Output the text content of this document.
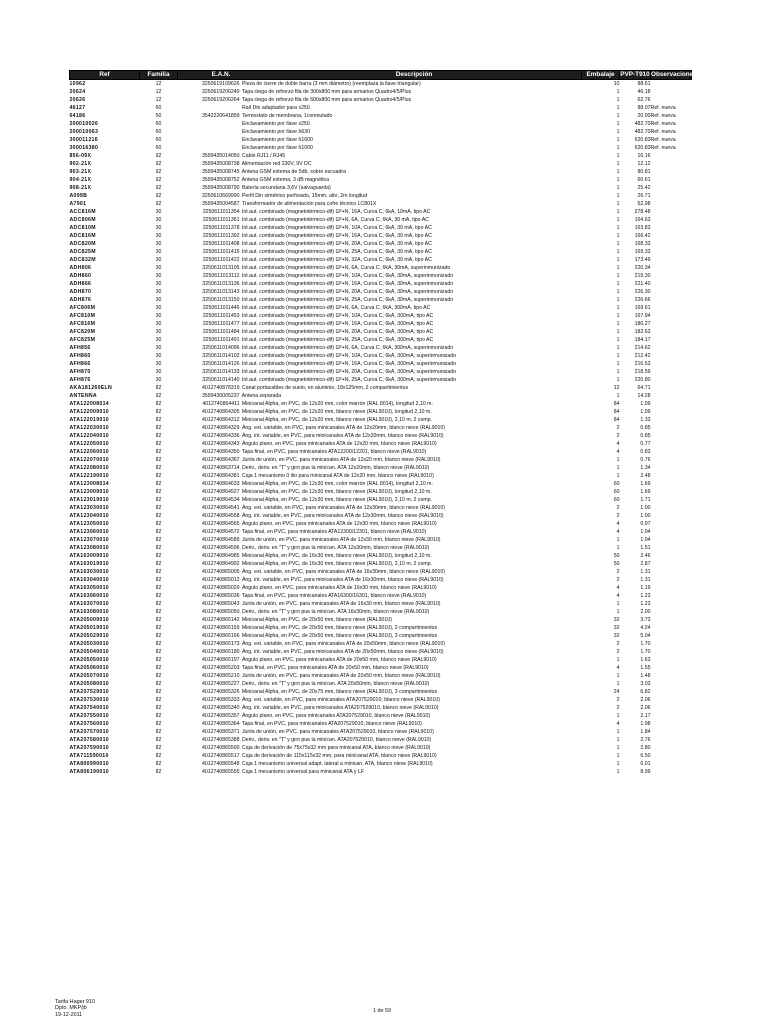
Ref	Familia	E.A.N. Descripción	Embalaje	PVP-T910	Observaciones
10962	12	3250619109626 Pieza de cierre de doble barra (3 mm diámetro) (reemplaza la llave triangular)	10	88.61	
20624	12	3250619206240 Tapa ciega de refrorzo fila de 300x800 mm para armarios Quadro4/5/Plus	1	46.18	
20626	12	3250619206264 Tapa ciega de refrorzo fila de 600x800 mm para armarios Quadro4/5/Plus	1	62.76	
46127	60	Raíl Din adaptador para x250	1	88.07	Ref. nueva
64186	50	3542220641859 Termostato de membrana, 1conmutado	1	20.00	Ref. nueva
200010026	60	Enclavamiento por llave x250	1	482.70	Ref. nueva
200010063	60	Enclavamiento por llave h630	1	482.70	Ref. nueva
300011216	60	Enclavamiento por llave h1600	1	620.83	Ref. nueva
300016380	60	Enclavamiento por llave h1000	1	620.83	Ref. nueva
856-09X	92	3599435014050 Cable RJ11 / RJ45	1	16.16	
902-21X	92	3599435008738 Alimentación red 230V, 9V DC	1	12.12	
903-21X	92	3599435008745 Antena GSM externa de 5db, sobre escuadra	1	80.81	
904-21X	92	3599435008752 Antena GSM externa, 3 dB magnética	1	60.61	
908-21X	92	3599435008790 Batería secundaria 3,6V (salvaguarda)	1	25.42	
A099B	92	3250610669990 Perfil Din simétrico perforado, 15mm. alto, 2m longitud	1	26.71	
A7901	92	3599435004587 Transformador de alimentación para cofre técnico LC801X	1	52.98	
ACC816M	30	3250611011354 Int.aut. combinado (magnetotérmico-dif) 1P+N, 16A, Curva C, 6kA, 10mA, tipo AC	1	278.48	
ADC806M	30	3250611011361 Int.aut. combinado (magnetotérmico-dif) 1P+N, 6A, Curva C, 6kA, 30 mA, tipo AC	1	164.63	
ADC810M	30	3250611011378 Int.aut. combinado (magnetotérmico-dif) 1P+N, 10A, Curva C, 6kA, 30 mA, tipo AC	1	163.83	
ADC816M	30	3250611011392 Int.aut. combinado (magnetotérmico-dif) 1P+N, 16A, Curva C, 6kA, 30 mA, tipo AC	1	166.42	
ADC820M	30	3250611011408 Int.aut. combinado (magnetotérmico-dif) 1P+N, 20A, Curva C, 6kA, 30 mA, tipo AC	1	168.33	
ADC825M	30	3250611011415 Int.aut. combinado (magnetotérmico-dif) 1P+N, 25A, Curva C, 6kA, 30 mA, tipo AC	1	169.33	
ADC832M	30	3250611011422 Int.aut. combinado (magnetotérmico-dif) 1P+N, 32A, Curva C, 6kA, 30 mA, tipo AC	1	173.49	
ADH806	30	3250611013105 Int.aut. combinado (magnetotérmico-dif) 1P+N, 6A, Curva C, 6kA, 30mA, superinmunizado	1	220.34	
ADH860	30	3250611013112 Int.aut. combinado (magnetotérmico-dif) 1P+N, 10A, Curva C, 6kA, 30mA, superinmunizado	1	219.30	
ADH866	30	3250611013136 Int.aut. combinado (magnetotérmico-dif) 1P+N, 16A, Curva C, 6kA, 30mA, superinmunizado	1	221.40	
ADH870	30	3250611013143 Int.aut. combinado (magnetotérmico-dif) 1P+N, 20A, Curva C, 6kA, 30mA, superinmunizado	1	226.30	
ADH876	30	3250611013150 Int.aut. combinado (magnetotérmico-dif) 1P+N, 25A, Curva C, 6kA, 30mA, superinmunizado	1	226.66	
AFC806M	30	3250611011446 Int.aut. combinado (magnetotérmico-dif) 1P+N, 6A, Curva C, 6kA, 300mA, tipo AC	1	169.61	
AFC810M	30	3250611011453 Int.aut. combinado (magnetotérmico-dif) 1P+N, 10A, Curva C, 6kA, 300mA, tipo AC	1	167.94	
AFC816M	30	3250611011477 Int.aut. combinado (magnetotérmico-dif) 1P+N, 16A, Curva C, 6kA, 300mA, tipo AC	1	180.27	
AFC820M	30	3250611011484 Int.aut. combinado (magnetotérmico-dif) 1P+N, 20A, Curva C, 6kA, 300mA, tipo AC	1	182.63	
AFC825M	30	3250611011491 Int.aut. combinado (magnetotérmico-dif) 1P+N, 25A, Curva C, 6kA, 300mA, tipo AC	1	184.17	
AFH856	30	3250611014096 Int.aut. combinado (magnetotérmico-dif) 1P+N, 6A, Curva C, 6kA, 300mA, superinmunizado	1	214.62	
AFH860	30	3250611014102 Int.aut. combinado (magnetotérmico-dif) 1P+N, 10A, Curva C, 6kA, 300mA, superinmunizado	1	212.42	
AFH866	30	3250611014126 Int.aut. combinado (magnetotérmico-dif) 1P+N, 16A, Curva C, 6kA, 300mA, superinmunizado	1	216.53	
AFH870	30	3250611014133 Int.aut. combinado (magnetotérmico-dif) 1P+N, 20A, Curva C, 6kA, 300mA, superinmunizado	1	218.59	
AFH876	30	3250611014140 Int.aut. combinado (magnetotérmico-dif) 1P+N, 25A, Curva C, 6kA, 300mA, superinmunizado	1	220.80	
AKA181260ELN	82	4012740878319 Canal portacables de suelo, en aluminio, 18x125mm, 2 compartimientos	12	64.71	
ANTENNA	92	3599430005237 Antena separada	1	14.28	
ATA122008014	82	4012740864411 Minicanal Alpha, en PVC, de 12x20 mm, color marrón (RAL 8014), longitud 2,10 m.	84	1.09	
ATA122009010	82	4012740864305 Minicanal Alpha, en PVC, de 12x20 mm, blanco nieve (RAL9010), longitud 2,10 m.	84	1.09	
ATA122019010	82	4012740864312 Minicanal Alpha, en PVC, de 12x20 mm, blanco nieve (RAL9010), 2,10 m, 2 comp.	84	1.33	
ATA122030010	82	4012740864329 Áng. ext. variable, en PVC, para minicanales ATA de 12x20mm, blanco nieve (RAL9010)	2	0.85	
ATA122040010	82	4012740864336 Áng. int. variable, en PVC, para minicanales ATA de 12x20mm, blanco nieve (RAL9010)	2	0.85	
ATA122050010	82	4012740864343 Ángulo plano, en PVC, para minicanales ATA de 12x20 mm, blanco nieve (RAL9010)	4	0.77	
ATA122060010	82	4012740864350 Tapa final, en PVC, para minicanales ATA12200/12201, blanco nieve (RAL9010)	4	0.83	
ATA122070010	82	4012740864367 Junta de unión, en PVC, para minicanales ATA de 12x20 mm, blanco nieve (RAL9010)	1	0.76	
ATA122080010	82	4012740863714 Deriv., deriv. en "T" y giro pue la minican. ATA 12x20mm, blanco nieve (RAL9010)	1	1.34	
ATA122190010	82	4012740864381 Caja 1 mecanismo 0 ilio para minicanal ATA de 12x20 mm, blanco nieve (RAL9010)	1	2.48	
ATA123008014	82	4012740864633 Minicanal Alpha, en PVC, de 12x30 mm, color marrón (RAL 8014), longitud 2,10 m.	60	1.69	
ATA123009010	82	4012740864527 Minicanal Alpha, en PVC, de 12x30 mm, blanco nieve (RAL9010), longitud 2,10 m.	60	1.69	
ATA123019010	82	4012740864534 Minicanal Alpha, en PVC, de 12x30 mm, blanco nieve (RAL9010), 2,10 m, 2 comp.	60	1.71	
ATA123030010	82	4012740864541 Áng. ext. variable, en PVC, para minicanales ATA de 12x30mm, blanco nieve (RAL9010)	2	1.00	
ATA123040010	82	4012740864558 Áng. int. variable, en PVC, para minicanales ATA de 12x30mm, blanco nieve (RAL9010)	2	1.00	
ATA123050010	82	4012740864565 Ángulo plano, en PVC, para minicanales ATA de 12x30 mm, blanco nieve (RAL9010)	4	0.97	
ATA123060010	82	4012740864572 Tapa final, en PVC, para minicanales ATA12300/12301, blanco nieve (RAL9010)	4	1.04	
ATA123070010	82	4012740864589 Junta de unión, en PVC, para minicanales ATA de 12x30 mm, blanco nieve (RAL9010)	1	1.04	
ATA123080010	82	4012740864596 Deriv., deriv. en "T" y giro pue la minican. ATA 12x30mm, blanco nieve (RAL9010)	1	1.51	
ATA163009010	82	4012740864985 Minicanal Alpha, en PVC, de 16x30 mm, blanco nieve (RAL9010), longitud 2,10 m.	50	2.46	
ATA163019010	82	4012740864992 Minicanal Alpha, en PVC, de 16x30 mm, blanco nieve (RAL9010), 2,10 m, 2 comp.	50	2.87	
ATA163030010	82	4012740865005 Áng. ext. variable, en PVC, para minicanales ATA de 16x30mm, blanco nieve (RAL9010)	2	1.31	
ATA163040010	82	4012740865012 Áng. int. variable, en PVC, para minicanales ATA de 16x30mm, blanco nieve (RAL9010)	2	1.31	
ATA163050010	82	4012740865029 Ángulo plano, en PVC, para minicanales ATA de 16x30 mm, blanco nieve (RAL9010)	4	1.19	
ATA163060010	82	4012740865036 Tapa final, en PVC, para minicanales ATA16300/16301, blanco nieve (RAL9010)	4	1.23	
ATA163070010	82	4012740865043 Junta de unión, en PVC, para minicanales ATA de 16x30 mm, blanco nieve (RAL9010)	1	1.23	
ATA163080010	82	4012740865050 Deriv., deriv. en "T" y giro pue la minican. ATA 16x30mm, blanco nieve (RAL9010)	1	2.00	
ATA205009010	82	4012740865142 Minicanal Alpha, en PVC, de 20x50 mm, blanco nieve (RAL9010)	32	3.73	
ATA205019010	82	4012740865159 Minicanal Alpha, en PVC, de 20x50 mm, blanco nieve (RAL9010), 2 compartimientos	32	4.24	
ATA205029010	82	4012740865166 Minicanal Alpha, en PVC, de 20x50 mm, blanco nieve (RAL9010), 3 compartimientos	32	5.04	
ATA205030010	82	4012740865173 Áng. ext. variable, en PVC, para minicanales ATA de 20x50mm, blanco nieve (RAL9010)	2	1.70	
ATA205040010	82	4012740865180 Áng. int. variable, en PVC, para minicanales ATA de 20x50mm, blanco nieve (RAL9010)	2	1.70	
ATA205050010	82	4012740865197 Ángulo plano, en PVC, para minicanales ATA de 20x50 mm, blanco nieve (RAL9010)	1	1.63	
ATA205060010	82	4012740865203 Tapa final, en PVC, para minicanales ATA de 20x50 mm, blanco nieve (RAL9010)	4	1.55	
ATA205070010	82	4012740865210 Junta de unión, en PVC, para minicanales ATA de 20x50 mm, blanco nieve (RAL9010)	1	1.48	
ATA205080010	82	4012740865227 Deriv., deriv. en "T" y giro pue la minican. ATA 20x50mm, blanco nieve (RAL9010)	1	3.03	
ATA207529010	82	4012740865326 Minicanal Alpha, en PVC, de 20x75 mm, blanco nieve (RAL9010), 3 compartimientos	24	6.82	
ATA207530010	82	4012740865333 Áng. ext. variable, en PVC, para minicanales ATA207529010, blanco nieve (RAL9010)	2	2.06	
ATA207540010	82	4012740865340 Áng. int. variable, en PVC, para minicanales ATA207529010, blanco nieve (RAL9010)	2	2.06	
ATA207550010	82	4012740865357 Ángulo plano, en PVC, para minicanales ATA207529010, blanco nieve (RAL9010)	1	2.17	
ATA207560010	82	4012740865364 Tapa final, en PVC, para minicanales ATA207529010, blanco nieve (RAL9010)	4	1.98	
ATA207570010	82	4012740865371 Junta de unión, en PVC, para minicanales ATA207529010, blanco nieve (RAL9010)	1	1.84	
ATA207580010	82	4012740865388 Deriv., deriv. en "T" y giro pue la minican. ATA207529010, blanco nieve (RAL9010)	1	2.76	
ATA207590010	82	4012740865500 Caja de derivación de 75x75x32 mm para minicanal ATA, blanco nieve (RAL9010)	1	2.80	
ATA711590010	82	4012740865517 Caja de derivación de 115x115x32 mm, para minicanal ATA, blanco nieve (RAL9010)	1	6.50	
ATA800990010	82	4012740865548 Caja 1 mecanismo universal adapt. lateral a minican. ATA, blanco nieve (RAL9010)	1	6.01	
ATA806190010	82	4012740865555 Caja 1 mecanismo universal para minicanal ATA y LF	1	8.99	
Tarifa Hager 910
Dpto. MKP/jb
19-12-2011
1 de 59
